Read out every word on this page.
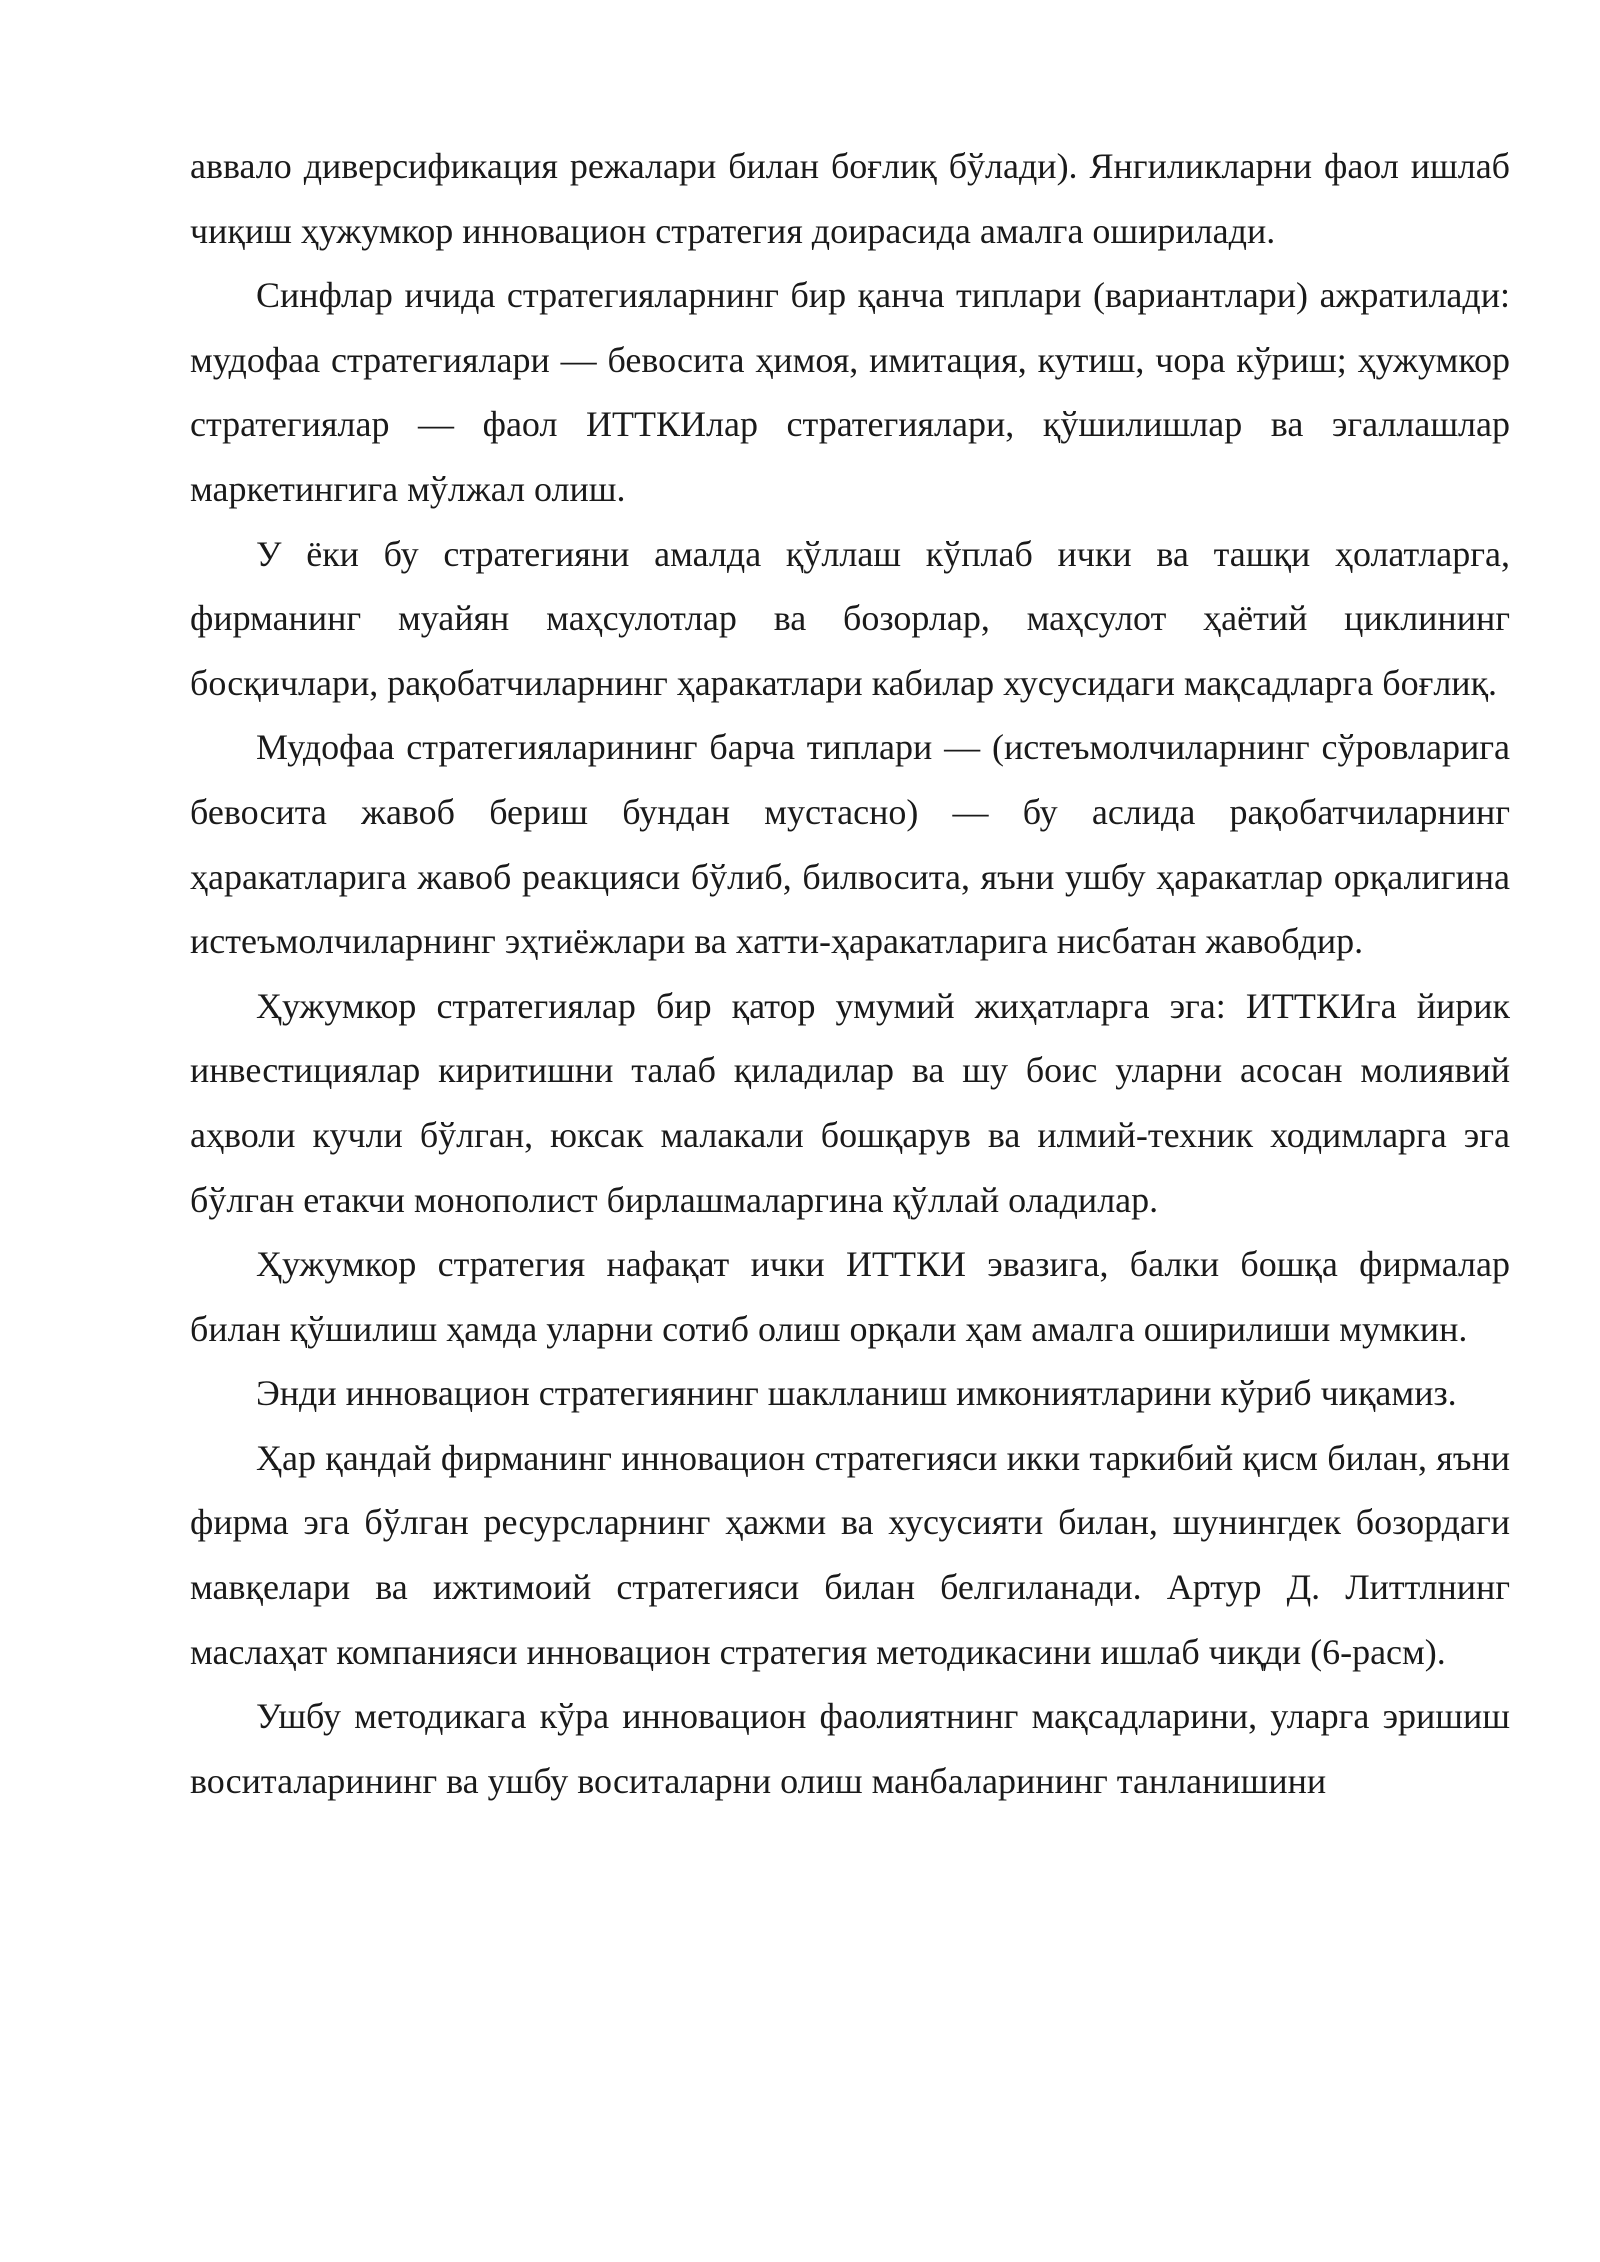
аввало диверсификация режалари билан боғлиқ бўлади). Янгиликларни фаол ишлаб чиқиш ҳужумкор инновацион стратегия доирасида амалга оширилади.

Синфлар ичида стратегияларнинг бир қанча типлари (вариантлари) ажратилади: мудофаа стратегиялари — бевосита ҳимоя, имитация, кутиш, чора кўриш; ҳужумкор стратегиялар — фаол ИТТКИлар стратегиялари, қўшилишлар ва эгаллашлар маркетингига мўлжал олиш.

У ёки бу стратегияни амалда қўллаш кўплаб ички ва ташқи ҳолатларга, фирманинг муайян маҳсулотлар ва бозорлар, маҳсулот ҳаётий циклининг босқичлари, рақобатчиларнинг ҳаракатлари кабилар хусусидаги мақсадларга боғлиқ.

Мудофаа стратегияларининг барча типлари — (истеъмолчиларнинг сўровларига бевосита жавоб бериш бундан мустасно) — бу аслида рақобатчиларнинг ҳаракатларига жавоб реакцияси бўлиб, билвосита, яъни ушбу ҳаракатлар орқалигина истеъмолчиларнинг эҳтиёжлари ва хатти-ҳаракатларига нисбатан жавобдир.

Ҳужумкор стратегиялар бир қатор умумий жиҳатларга эга: ИТТКИга йирик инвестициялар киритишни талаб қиладилар ва шу боис уларни асосан молиявий аҳволи кучли бўлган, юксак малакали бошқарув ва илмий-техник ходимларга эга бўлган етакчи монополист бирлашмаларгина қўллай оладилар.

Ҳужумкор стратегия нафақат ички ИТТКИ эвазига, балки бошқа фирмалар билан қўшилиш ҳамда уларни сотиб олиш орқали ҳам амалга оширилиши мумкин.

Энди инновацион стратегиянинг шаклланиш имкониятларини кўриб чиқамиз.

Ҳар қандай фирманинг инновацион стратегияси икки таркибий қисм билан, яъни фирма эга бўлган ресурсларнинг ҳажми ва хусусияти билан, шунингдек бозордаги мавқелари ва ижтимоий стратегияси билан белгиланади. Артур Д. Литтлнинг маслаҳат компанияси инновацион стратегия методикасини ишлаб чиқди (6-расм).

Ушбу методикага кўра инновацион фаолиятнинг мақсадларини, уларга эришиш воситаларининг ва ушбу воситаларни олиш манбаларининг танланишини
